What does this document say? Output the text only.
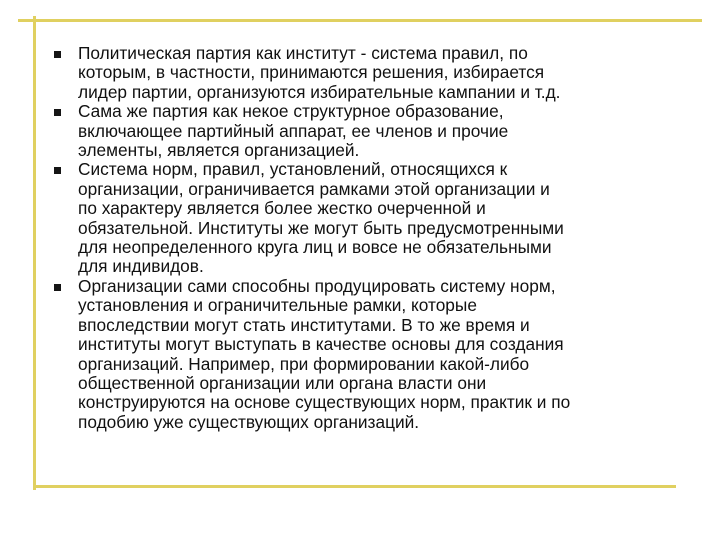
Политическая партия как институт - система правил, по
которым, в частности, принимаются решения, избирается
лидер партии, организуются избирательные кампании и т.д.
Сама же партия как некое структурное образование,
включающее партийный аппарат, ее членов и прочие
элементы, является организацией.
Система норм, правил, установлений, относящихся к
организации, ограничивается рамками этой организации и
по характеру является более жестко очерченной и
обязательной. Институты же могут быть предусмотренными
для неопределенного круга лиц и вовсе не обязательными
для индивидов.
Организации сами способны продуцировать систему норм,
установления и ограничительные рамки, которые
впоследствии могут стать институтами. В то же время и
институты могут выступать в качестве основы для создания
организаций. Например, при формировании какой-либо
общественной организации или органа власти они
конструируются на основе существующих норм, практик и по
подобию уже существующих организаций.
